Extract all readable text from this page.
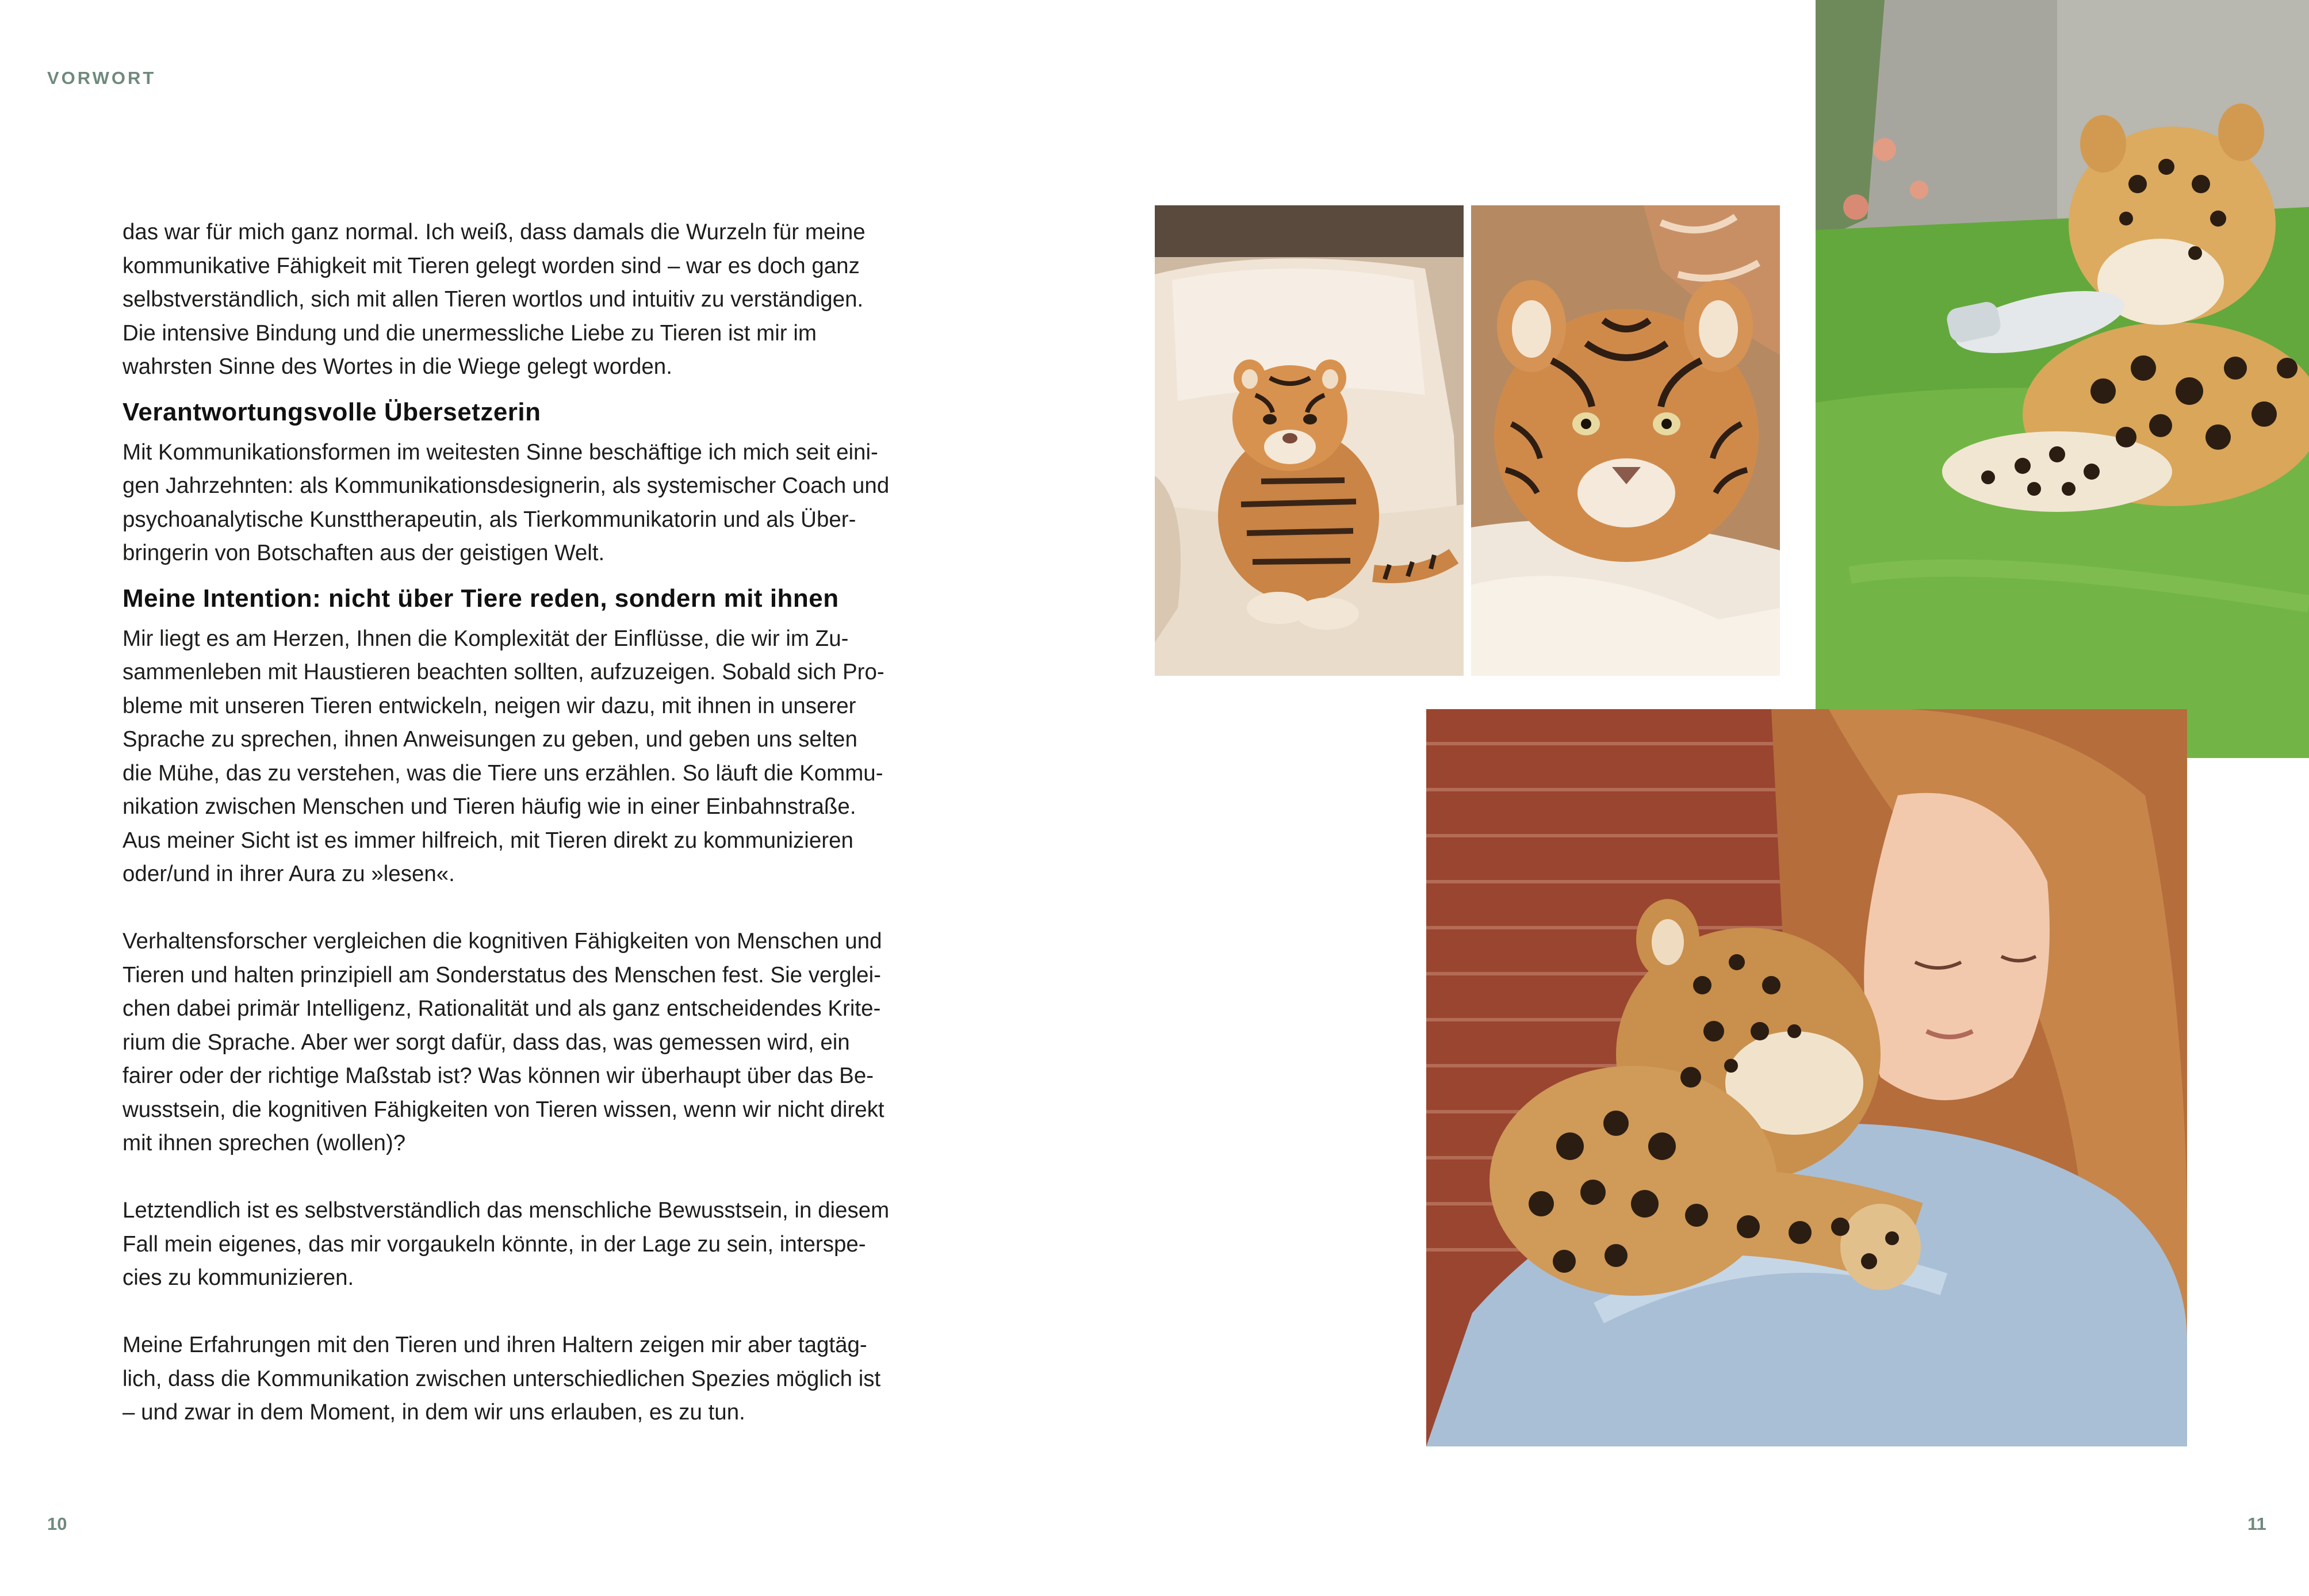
VORWORT

das war für mich ganz normal. Ich weiß, dass damals die Wurzeln für meine
kommunikative Fähigkeit mit Tieren gelegt worden sind – war es doch ganz
selbstverständlich, sich mit allen Tieren wortlos und intuitiv zu verständigen.
Die intensive Bindung und die unermessliche Liebe zu Tieren ist mir im
wahrsten Sinne des Wortes in die Wiege gelegt worden.

Verantwortungsvolle Übersetzerin

Mit Kommunikationsformen im weitesten Sinne beschäftige ich mich seit eini-
gen Jahrzehnten: als Kommunikationsdesignerin, als systemischer Coach und
psychoanalytische Kunsttherapeutin, als Tierkommunikatorin und als Über-
bringerin von Botschaften aus der geistigen Welt.

Meine Intention: nicht über Tiere reden, sondern mit ihnen

Mir liegt es am Herzen, Ihnen die Komplexität der Einflüsse, die wir im Zu-
sammenleben mit Haustieren beachten sollten, aufzuzeigen. Sobald sich Pro-
bleme mit unseren Tieren entwickeln, neigen wir dazu, mit ihnen in unserer
Sprache zu sprechen, ihnen Anweisungen zu geben, und geben uns selten
die Mühe, das zu verstehen, was die Tiere uns erzählen. So läuft die Kommu-
nikation zwischen Menschen und Tieren häufig wie in einer Einbahnstraße.
Aus meiner Sicht ist es immer hilfreich, mit Tieren direkt zu kommunizieren
oder/und in ihrer Aura zu »lesen«.

Verhaltensforscher vergleichen die kognitiven Fähigkeiten von Menschen und
Tieren und halten prinzipiell am Sonderstatus des Menschen fest. Sie verglei-
chen dabei primär Intelligenz, Rationalität und als ganz entscheidendes Krite-
rium die Sprache. Aber wer sorgt dafür, dass das, was gemessen wird, ein
fairer oder der richtige Maßstab ist? Was können wir überhaupt über das Be-
wusstsein, die kognitiven Fähigkeiten von Tieren wissen, wenn wir nicht direkt
mit ihnen sprechen (wollen)?

Letztendlich ist es selbstverständlich das menschliche Bewusstsein, in diesem
Fall mein eigenes, das mir vorgaukeln könnte, in der Lage zu sein, interspe-
cies zu kommunizieren.

Meine Erfahrungen mit den Tieren und ihren Haltern zeigen mir aber tagtäg-
lich, dass die Kommunikation zwischen unterschiedlichen Spezies möglich ist
– und zwar in dem Moment, in dem wir uns erlauben, es zu tun.

10	11
